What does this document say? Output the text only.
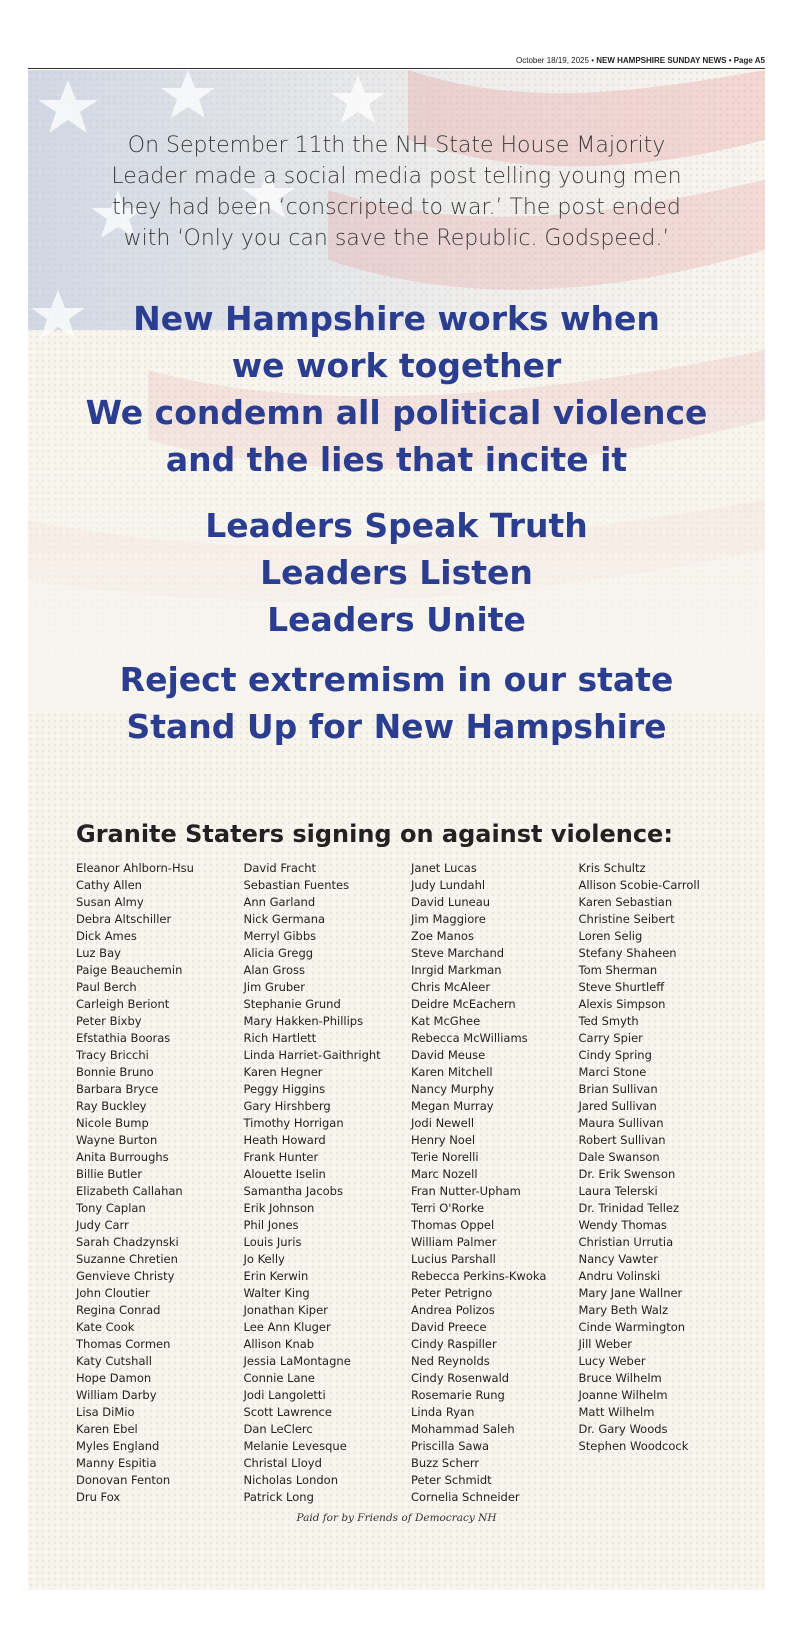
October 18/19, 2025 • NEW HAMPSHIRE SUNDAY NEWS • Page A5
On September 11th the NH State House Majority Leader made a social media post telling young men they had been ‘conscripted to war.’ The post ended with ‘Only you can save the Republic. Godspeed.’
New Hampshire works when
we work together
We condemn all political violence
and the lies that incite it
Leaders Speak Truth
Leaders Listen
Leaders Unite
Reject extremism in our state
Stand Up for New Hampshire
Granite Staters signing on against violence:
Eleanor Ahlborn-Hsu
Cathy Allen
Susan Almy
Debra Altschiller
Dick Ames
Luz Bay
Paige Beauchemin
Paul Berch
Carleigh Beriont
Peter Bixby
Efstathia Booras
Tracy Bricchi
Bonnie Bruno
Barbara Bryce
Ray Buckley
Nicole Bump
Wayne Burton
Anita Burroughs
Billie Butler
Elizabeth Callahan
Tony Caplan
Judy Carr
Sarah Chadzynski
Suzanne Chretien
Genvieve Christy
John Cloutier
Regina Conrad
Kate Cook
Thomas Cormen
Katy Cutshall
Hope Damon
William Darby
Lisa DiMio
Karen Ebel
Myles England
Manny Espitia
Donovan Fenton
Dru Fox
David Fracht
Sebastian Fuentes
Ann Garland
Nick Germana
Merryl Gibbs
Alicia Gregg
Alan Gross
Jim Gruber
Stephanie Grund
Mary Hakken-Phillips
Rich Hartlett
Linda Harriet-Gaithright
Karen Hegner
Peggy Higgins
Gary Hirshberg
Timothy Horrigan
Heath Howard
Frank Hunter
Alouette Iselin
Samantha Jacobs
Erik Johnson
Phil Jones
Louis Juris
Jo Kelly
Erin Kerwin
Walter King
Jonathan Kiper
Lee Ann Kluger
Allison Knab
Jessia LaMontagne
Connie Lane
Jodi Langoletti
Scott Lawrence
Dan LeClerc
Melanie Levesque
Christal Lloyd
Nicholas London
Patrick Long
Janet Lucas
Judy Lundahl
David Luneau
Jim Maggiore
Zoe Manos
Steve Marchand
Inrgid Markman
Chris McAleer
Deidre McEachern
Kat McGhee
Rebecca McWilliams
David Meuse
Karen Mitchell
Nancy Murphy
Megan Murray
Jodi Newell
Henry Noel
Terie Norelli
Marc Nozell
Fran Nutter-Upham
Terri O'Rorke
Thomas Oppel
William Palmer
Lucius Parshall
Rebecca Perkins-Kwoka
Peter Petrigno
Andrea Polizos
David Preece
Cindy Raspiller
Ned Reynolds
Cindy Rosenwald
Rosemarie Rung
Linda Ryan
Mohammad Saleh
Priscilla Sawa
Buzz Scherr
Peter Schmidt
Cornelia Schneider
Kris Schultz
Allison Scobie-Carroll
Karen Sebastian
Christine Seibert
Loren Selig
Stefany Shaheen
Tom Sherman
Steve Shurtleff
Alexis Simpson
Ted Smyth
Carry Spier
Cindy Spring
Marci Stone
Brian Sullivan
Jared Sullivan
Maura Sullivan
Robert Sullivan
Dale Swanson
Dr. Erik Swenson
Laura Telerski
Dr. Trinidad Tellez
Wendy Thomas
Christian Urrutia
Nancy Vawter
Andru Volinski
Mary Jane Wallner
Mary Beth Walz
Cinde Warmington
Jill Weber
Lucy Weber
Bruce Wilhelm
Joanne Wilhelm
Matt Wilhelm
Dr. Gary Woods
Stephen Woodcock
Paid for by Friends of Democracy NH
